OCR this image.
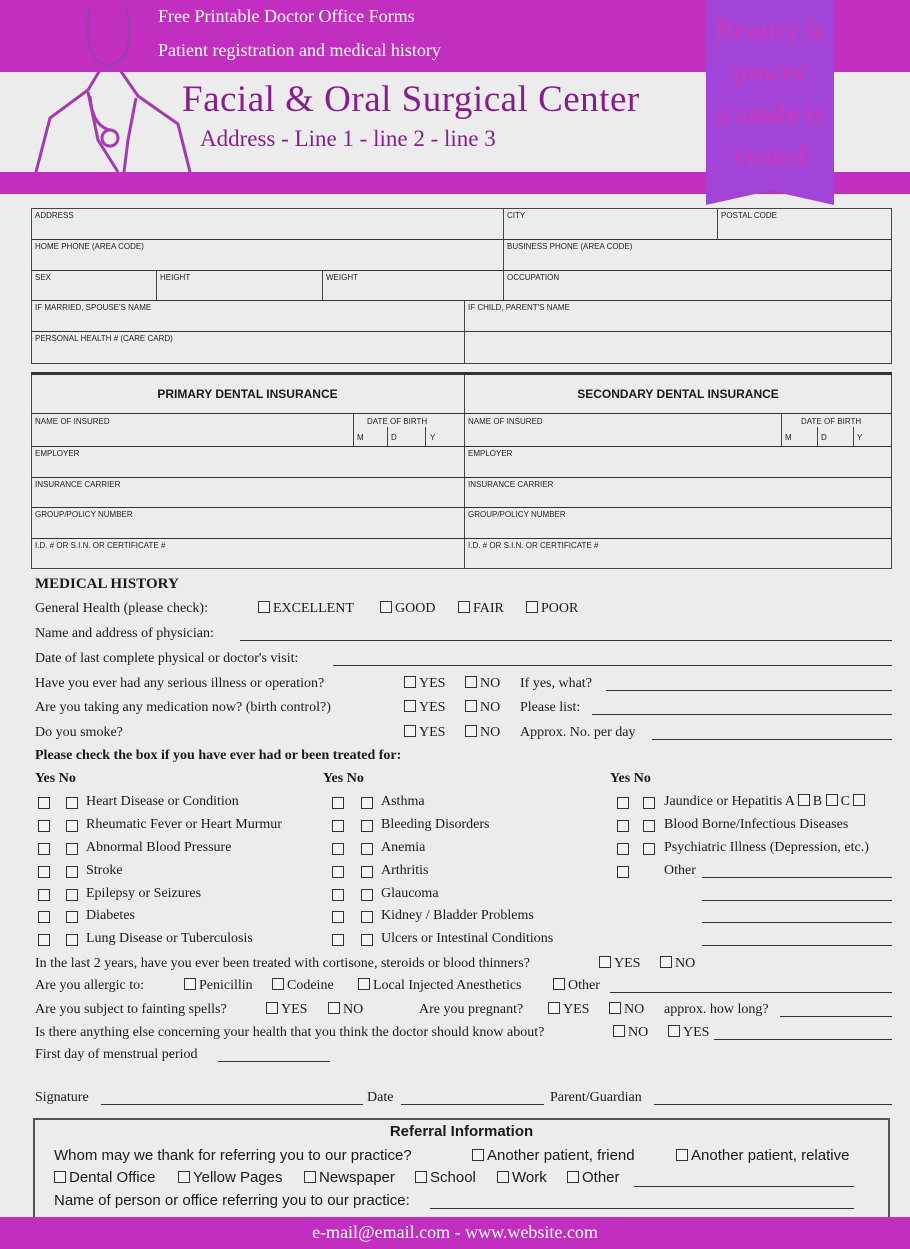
Free Printable Doctor Office Forms
Patient registration and medical history
Facial & Oral Surgical Center
Address - Line 1 - line 2 - line 3
Beauty is
power
a smile is
sword
ADDRESS	CITY	POSTAL CODE
HOME PHONE (AREA CODE)	BUSINESS PHONE (AREA CODE)
SEX	HEIGHT	WEIGHT	OCCUPATION
IF MARRIED, SPOUSE'S NAME	IF CHILD, PARENT'S NAME
PERSONAL HEALTH # (CARE CARD)
PRIMARY DENTAL INSURANCE	SECONDARY DENTAL INSURANCE
NAME OF INSURED	DATE OF BIRTH
M	D	Y
NAME OF INSURED	DATE OF BIRTH
M	D	Y
EMPLOYER	EMPLOYER
INSURANCE CARRIER	INSURANCE CARRIER
GROUP/POLICY NUMBER	GROUP/POLICY NUMBER
I.D. # OR S.I.N. OR CERTIFICATE #	I.D. # OR S.I.N. OR CERTIFICATE #
MEDICAL HISTORY
General Health (please check):	EXCELLENT	GOOD	FAIR	POOR
Name and address of physician:
Date of last complete physical or doctor's visit:
Have you ever had any serious illness or operation?	YES	NO If yes, what?
Are you taking any medication now? (birth control?)	YES	NO Please list:
Do you smoke?	YES	NO Approx. No. per day
Please check the box if you have ever had or been treated for:
Yes No	Yes No	Yes No
Heart Disease or Condition
Rheumatic Fever or Heart Murmur
Abnormal Blood Pressure
Stroke
Epilepsy or Seizures
Diabetes
Lung Disease or Tuberculosis
Asthma
Bleeding Disorders
Anemia
Arthritis
Glaucoma
Kidney / Bladder Problems
Ulcers or Intestinal Conditions
Jaundice or Hepatitis A B C
Blood Borne/Infectious Diseases
Psychiatric Illness (Depression, etc.)
Other
In the last 2 years, have you ever been treated with cortisone, steroids or blood thinners?	YES	NO
Are you allergic to:	Penicillin	Codeine	Local Injected Anesthetics	Other
Are you subject to fainting spells?	YES	NO	Are you pregnant?	YES	NO approx. how long?
Is there anything else concerning your health that you think the doctor should know about?	NO	YES
First day of menstrual period
Signature	Date	Parent/Guardian
Referral Information
Whom may we thank for referring you to our practice?	Another patient, friend	Another patient, relative
Dental Office	Yellow Pages	Newspaper	School	Work	Other
Name of person or office referring you to our practice:
e-mail@email.com - www.website.com
